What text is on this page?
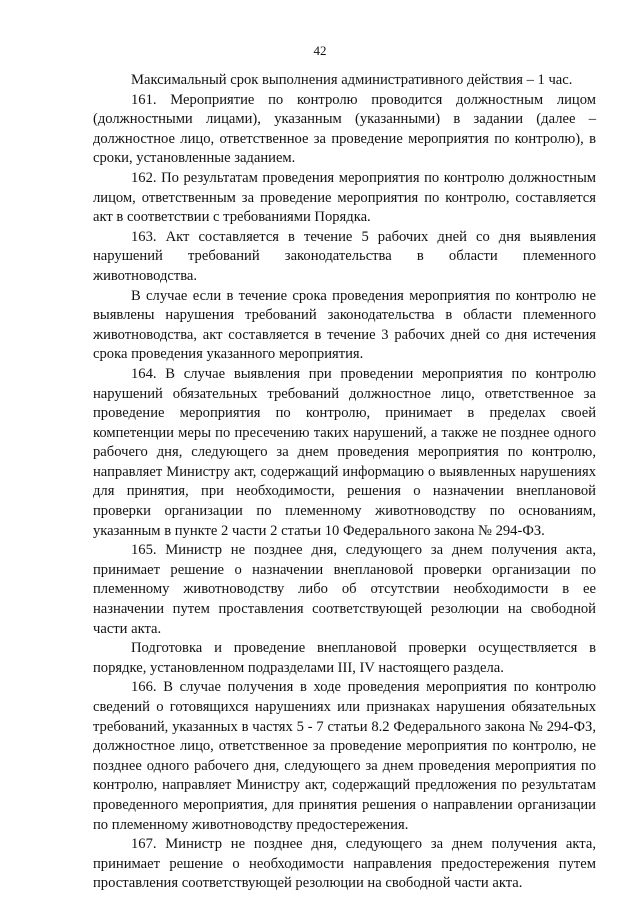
42

Максимальный срок выполнения административного действия – 1 час.

161. Мероприятие по контролю проводится должностным лицом (должностными лицами), указанным (указанными) в задании (далее – должностное лицо, ответственное за проведение мероприятия по контролю), в сроки, установленные заданием.

162. По результатам проведения мероприятия по контролю должностным лицом, ответственным за проведение мероприятия по контролю, составляется акт в соответствии с требованиями Порядка.

163. Акт составляется в течение 5 рабочих дней со дня выявления нарушений требований законодательства в области племенного животноводства.

В случае если в течение срока проведения мероприятия по контролю не выявлены нарушения требований законодательства в области племенного животноводства, акт составляется в течение 3 рабочих дней со дня истечения срока проведения указанного мероприятия.

164. В случае выявления при проведении мероприятия по контролю нарушений обязательных требований должностное лицо, ответственное за проведение мероприятия по контролю, принимает в пределах своей компетенции меры по пресечению таких нарушений, а также не позднее одного рабочего дня, следующего за днем проведения мероприятия по контролю, направляет Министру акт, содержащий информацию о выявленных нарушениях для принятия, при необходимости, решения о назначении внеплановой проверки организации по племенному животноводству по основаниям, указанным в пункте 2 части 2 статьи 10 Федерального закона № 294-ФЗ.

165. Министр не позднее дня, следующего за днем получения акта, принимает решение о назначении внеплановой проверки организации по племенному животноводству либо об отсутствии необходимости в ее назначении путем проставления соответствующей резолюции на свободной части акта.

Подготовка и проведение внеплановой проверки осуществляется в порядке, установленном подразделами III, IV настоящего раздела.

166. В случае получения в ходе проведения мероприятия по контролю сведений о готовящихся нарушениях или признаках нарушения обязательных требований, указанных в частях 5 - 7 статьи 8.2 Федерального закона № 294-ФЗ, должностное лицо, ответственное за проведение мероприятия по контролю, не позднее одного рабочего дня, следующего за днем проведения мероприятия по контролю, направляет Министру акт, содержащий предложения по результатам проведенного мероприятия, для принятия решения о направлении организации по племенному животноводству предостережения.

167. Министр не позднее дня, следующего за днем получения акта, принимает решение о необходимости направления предостережения путем проставления соответствующей резолюции на свободной части акта.
